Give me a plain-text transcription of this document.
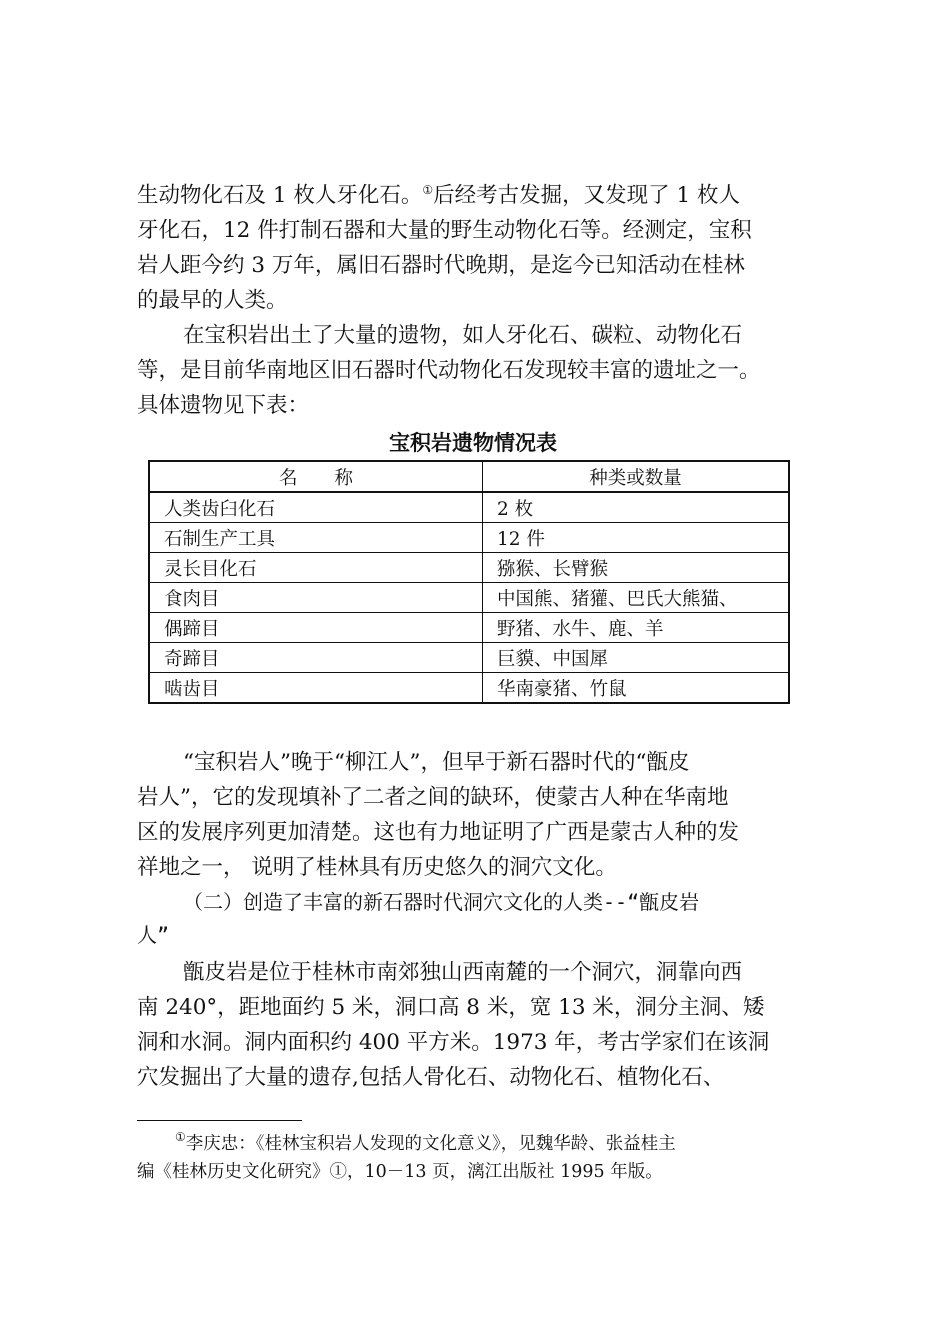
生动物化石及 1 枚人牙化石。①后经考古发掘，又发现了 1 枚人
牙化石，12 件打制石器和大量的野生动物化石等。经测定，宝积
岩人距今约 3 万年，属旧石器时代晚期，是迄今已知活动在桂林
的最早的人类。

在宝积岩出土了大量的遗物，如人牙化石、碳粒、动物化石
等，是目前华南地区旧石器时代动物化石发现较丰富的遗址之一。
具体遗物见下表：

宝积岩遗物情况表
名　　称	种类或数量
人类齿臼化石	2 枚
石制生产工具	12 件
灵长目化石	猕猴、长臂猴
食肉目	中国熊、猪獾、巴氏大熊猫、
偶蹄目	野猪、水牛、鹿、羊
奇蹄目	巨貘、中国犀
啮齿目	华南豪猪、竹鼠

“宝积岩人”晚于“柳江人”，但早于新石器时代的“甑皮
岩人”，它的发现填补了二者之间的缺环，使蒙古人种在华南地
区的发展序列更加清楚。这也有力地证明了广西是蒙古人种的发
祥地之一， 说明了桂林具有历史悠久的洞穴文化。

（二）创造了丰富的新石器时代洞穴文化的人类--“甑皮岩
人”

甑皮岩是位于桂林市南郊独山西南麓的一个洞穴，洞靠向西
南 240°，距地面约 5 米，洞口高 8 米，宽 13 米，洞分主洞、矮
洞和水洞。洞内面积约 400 平方米。1973 年，考古学家们在该洞
穴发掘出了大量的遗存,包括人骨化石、动物化石、植物化石、

①李庆忠：《桂林宝积岩人发现的文化意义》，见魏华龄、张益桂主
编《桂林历史文化研究》①，10－13 页，漓江出版社 1995 年版。
